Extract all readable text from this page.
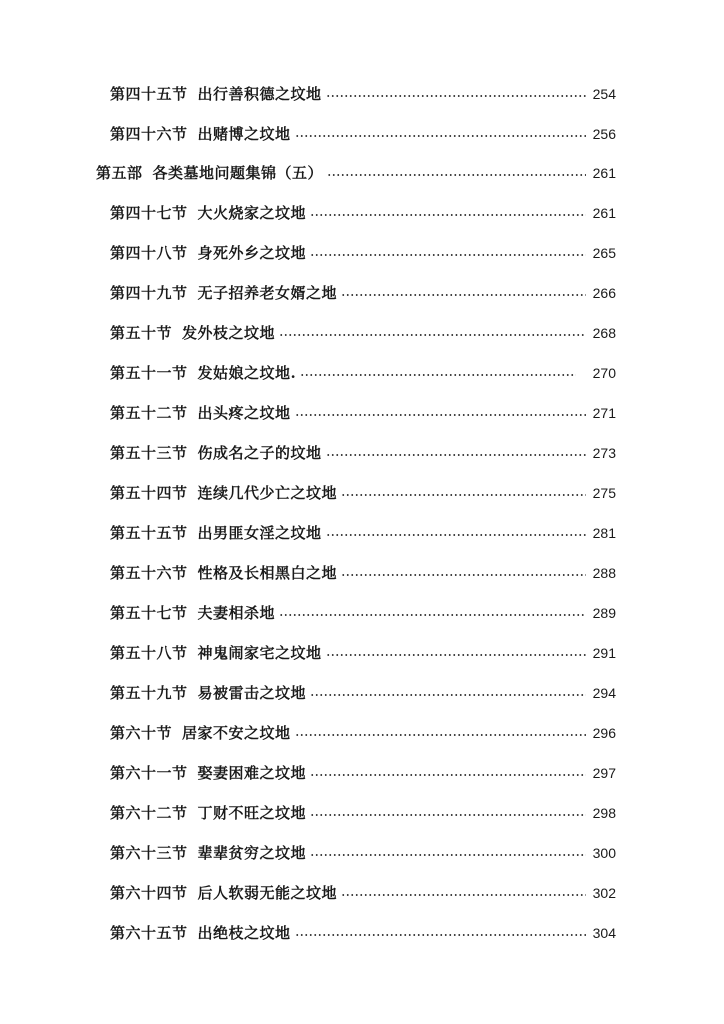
第四十五节 出行善积德之坟地	254
第四十六节 出赌博之坟地	256
第五部 各类墓地问题集锦（五）	261
第四十七节 大火烧家之坟地	261
第四十八节 身死外乡之坟地	265
第四十九节 无子招养老女婿之地	266
第五十节 发外枝之坟地	268
第五十一节 发姑娘之坟地.	270
第五十二节 出头疼之坟地	271
第五十三节 伤成名之子的坟地	273
第五十四节 连续几代少亡之坟地	275
第五十五节 出男匪女淫之坟地	281
第五十六节 性格及长相黑白之地	288
第五十七节 夫妻相杀地	289
第五十八节 神鬼闹家宅之坟地	291
第五十九节 易被雷击之坟地	294
第六十节 居家不安之坟地	296
第六十一节 娶妻困难之坟地	297
第六十二节 丁财不旺之坟地	298
第六十三节 辈辈贫穷之坟地	300
第六十四节 后人软弱无能之坟地	302
第六十五节 出绝枝之坟地	304
